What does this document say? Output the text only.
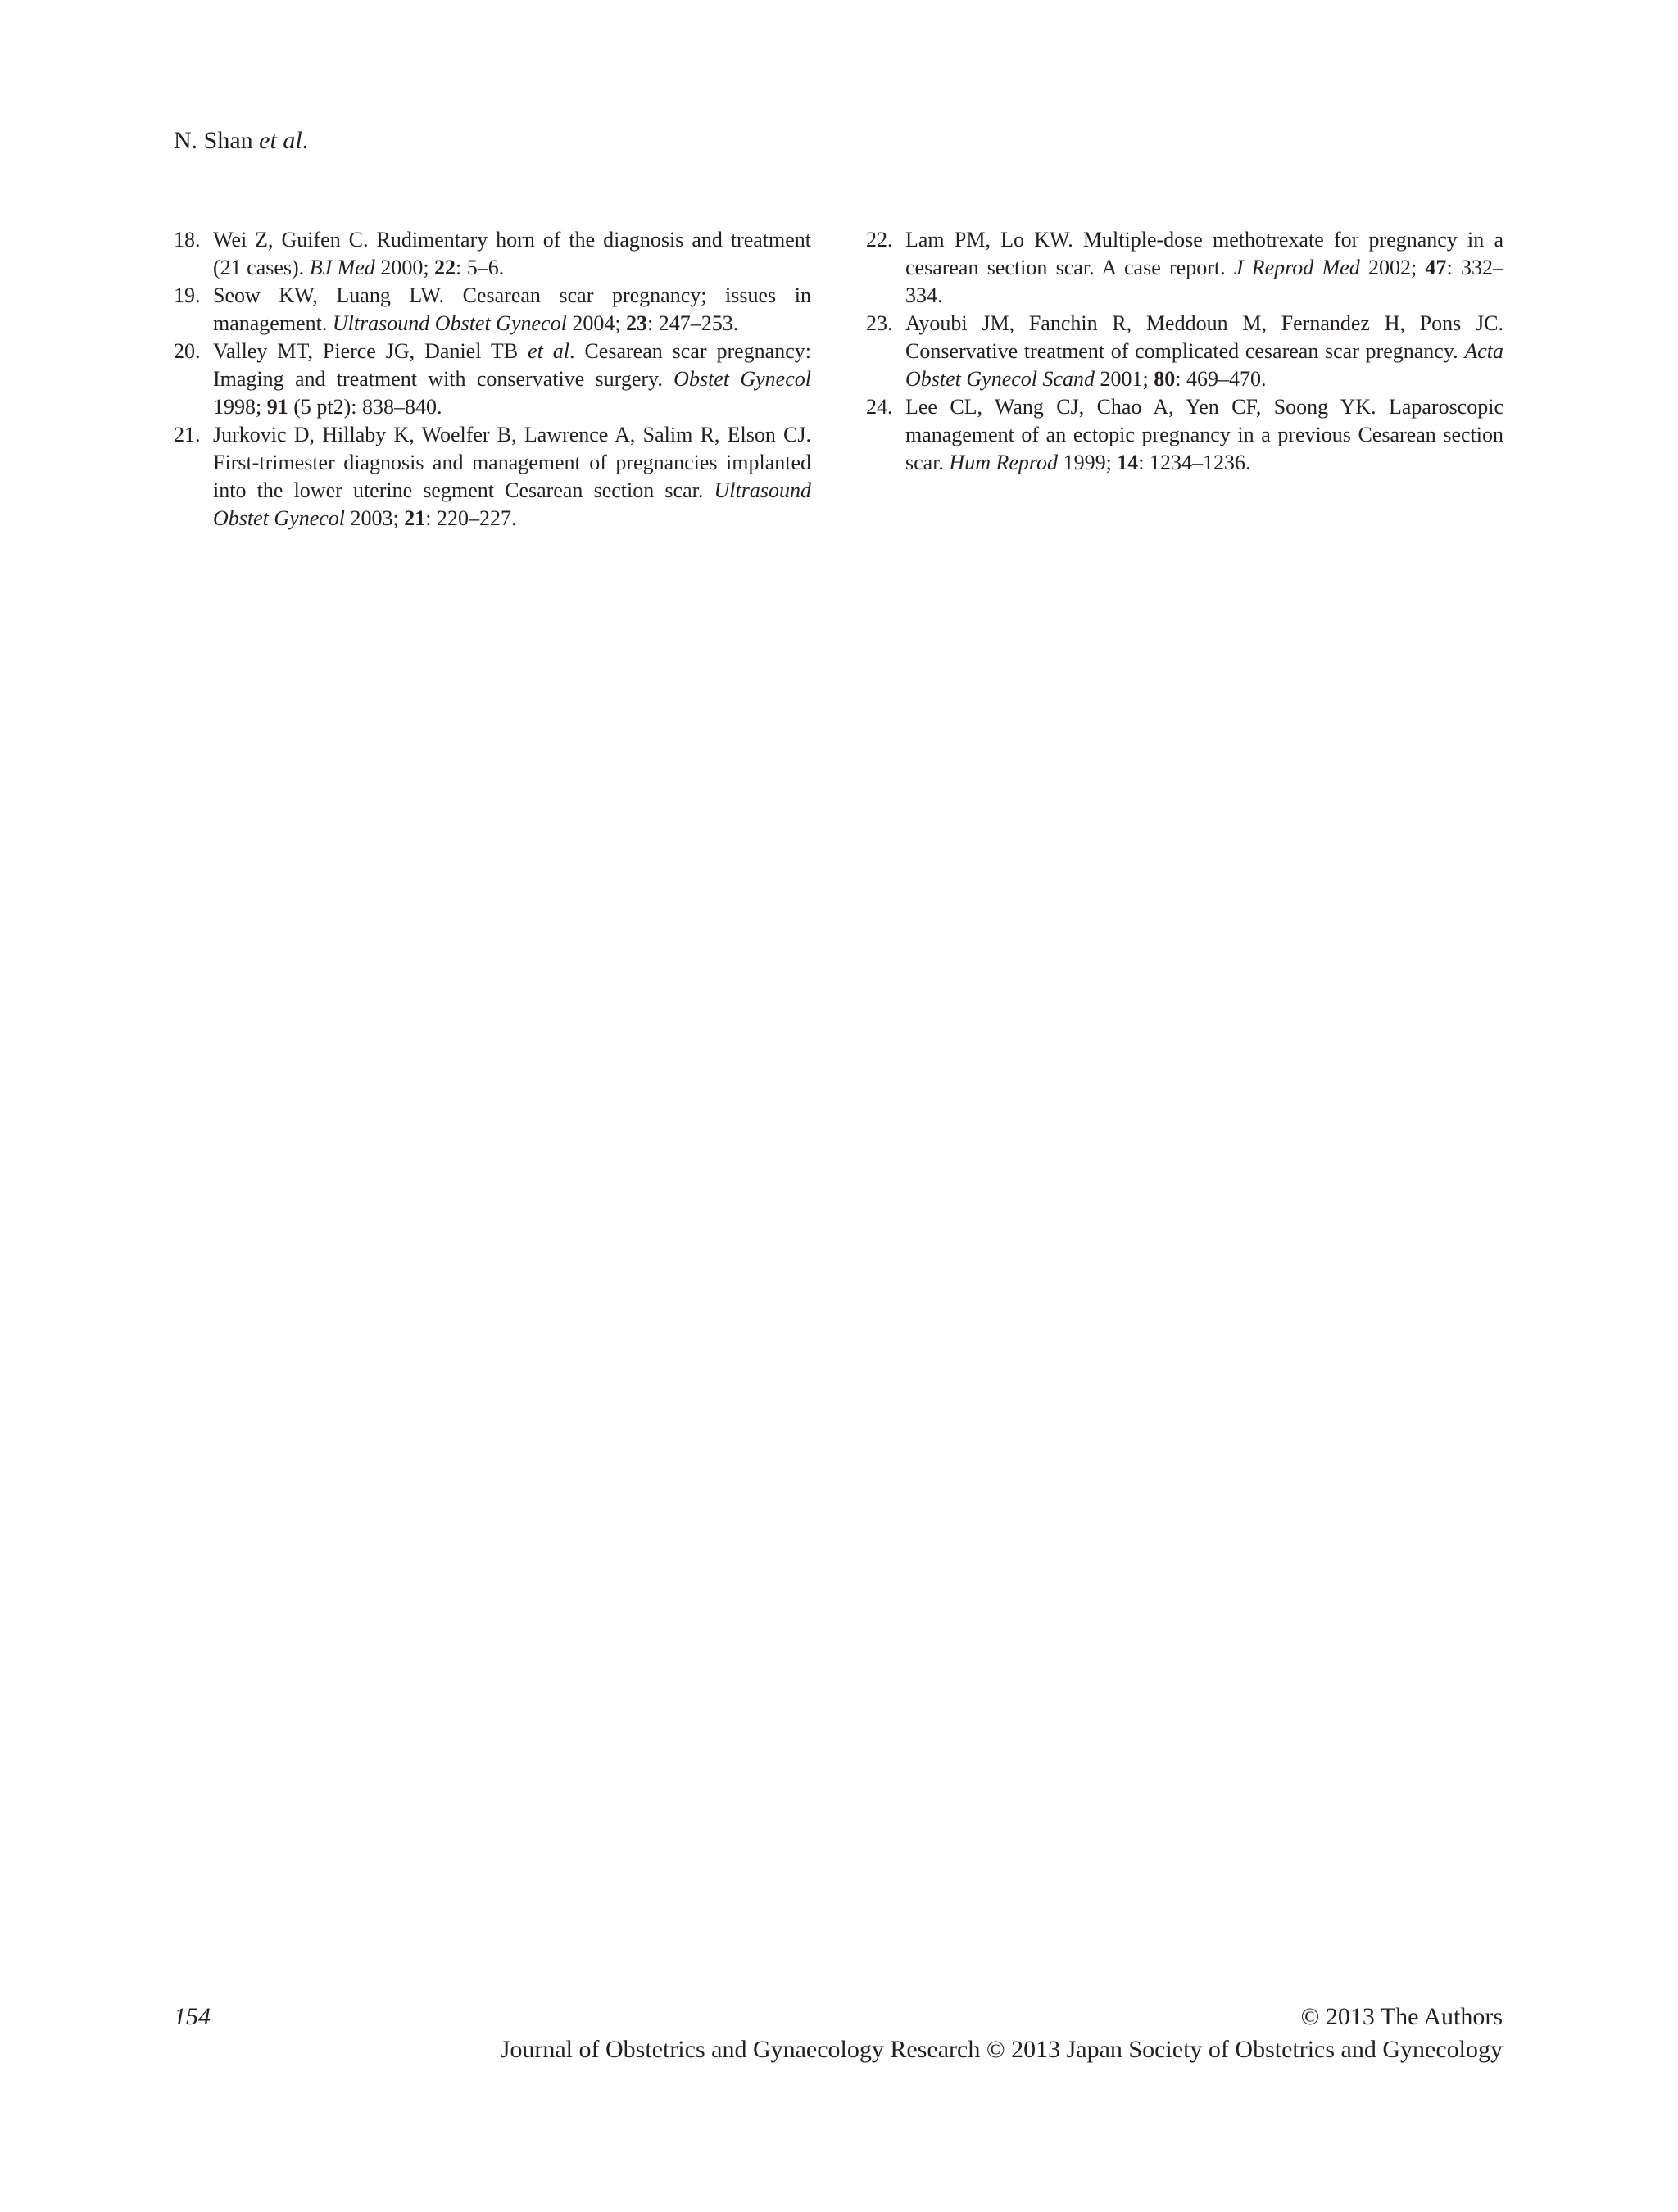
N. Shan et al.

18. Wei Z, Guifen C. Rudimentary horn of the diagnosis and treatment (21 cases). BJ Med 2000; 22: 5–6.

19. Seow KW, Luang LW. Cesarean scar pregnancy; issues in management. Ultrasound Obstet Gynecol 2004; 23: 247–253.

20. Valley MT, Pierce JG, Daniel TB et al. Cesarean scar pregnancy: Imaging and treatment with conservative surgery. Obstet Gynecol 1998; 91 (5 pt2): 838–840.

21. Jurkovic D, Hillaby K, Woelfer B, Lawrence A, Salim R, Elson CJ. First-trimester diagnosis and management of pregnancies implanted into the lower uterine segment Cesarean section scar. Ultrasound Obstet Gynecol 2003; 21: 220–227.

22. Lam PM, Lo KW. Multiple-dose methotrexate for pregnancy in a cesarean section scar. A case report. J Reprod Med 2002; 47: 332–334.

23. Ayoubi JM, Fanchin R, Meddoun M, Fernandez H, Pons JC. Conservative treatment of complicated cesarean scar pregnancy. Acta Obstet Gynecol Scand 2001; 80: 469–470.

24. Lee CL, Wang CJ, Chao A, Yen CF, Soong YK. Laparoscopic management of an ectopic pregnancy in a previous Cesarean section scar. Hum Reprod 1999; 14: 1234–1236.

154	© 2013 The Authors
Journal of Obstetrics and Gynaecology Research © 2013 Japan Society of Obstetrics and Gynecology
